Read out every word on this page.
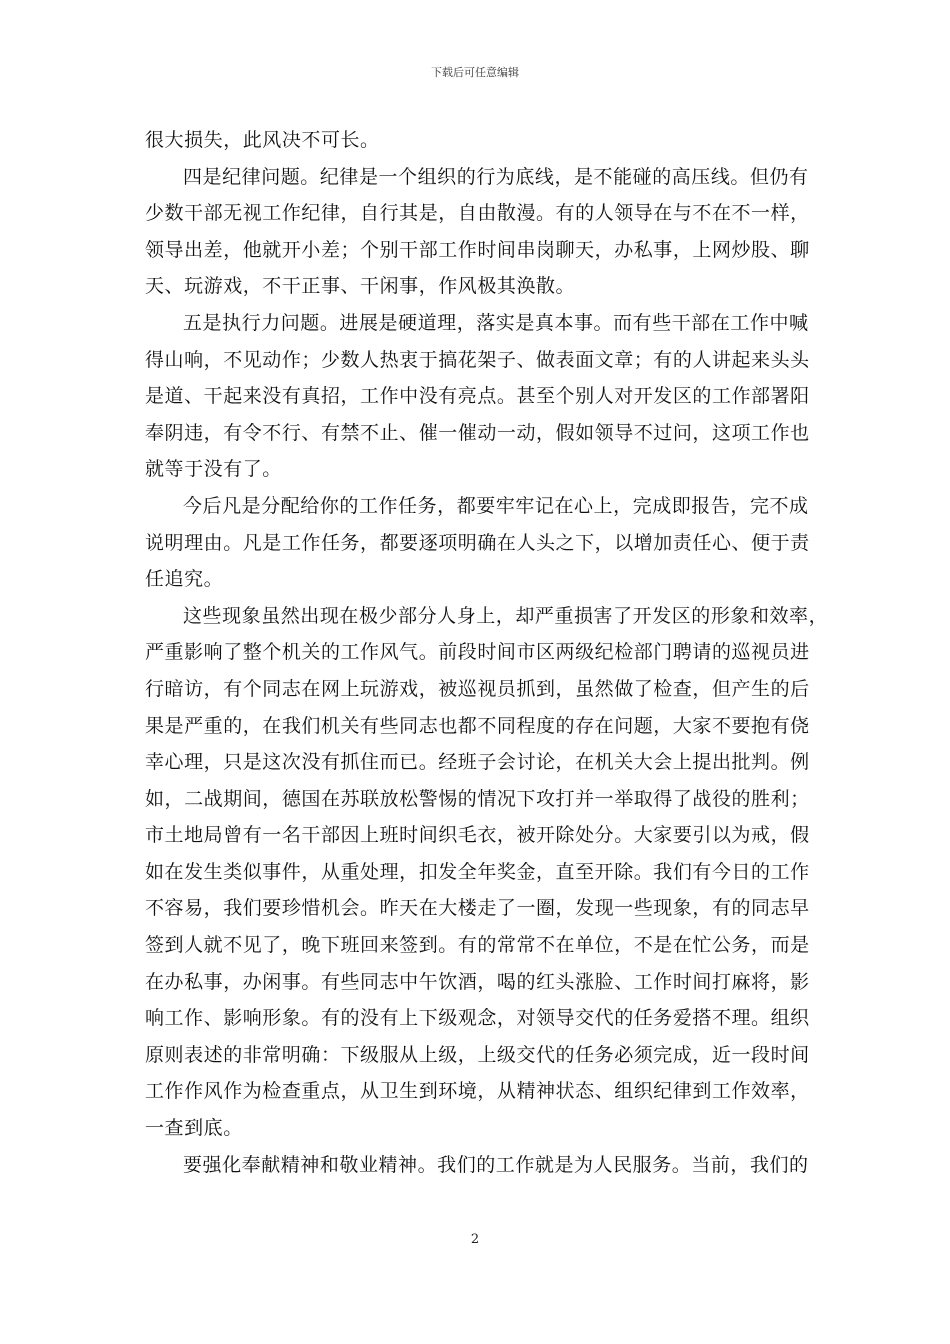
下载后可任意编辑
很大损失，此风决不可长。
四是纪律问题。纪律是一个组织的行为底线，是不能碰的高压线。但仍有
少数干部无视工作纪律，自行其是，自由散漫。有的人领导在与不在不一样，
领导出差，他就开小差；个别干部工作时间串岗聊天，办私事，上网炒股、聊
天、玩游戏，不干正事、干闲事，作风极其涣散。
五是执行力问题。进展是硬道理，落实是真本事。而有些干部在工作中喊
得山响，不见动作；少数人热衷于搞花架子、做表面文章；有的人讲起来头头
是道、干起来没有真招，工作中没有亮点。甚至个别人对开发区的工作部署阳
奉阴违，有令不行、有禁不止、催一催动一动，假如领导不过问，这项工作也
就等于没有了。
今后凡是分配给你的工作任务，都要牢牢记在心上，完成即报告，完不成
说明理由。凡是工作任务，都要逐项明确在人头之下，以增加责任心、便于责
任追究。
这些现象虽然出现在极少部分人身上，却严重损害了开发区的形象和效率，
严重影响了整个机关的工作风气。前段时间市区两级纪检部门聘请的巡视员进
行暗访，有个同志在网上玩游戏，被巡视员抓到，虽然做了检查，但产生的后
果是严重的，在我们机关有些同志也都不同程度的存在问题，大家不要抱有侥
幸心理，只是这次没有抓住而已。经班子会讨论，在机关大会上提出批判。例
如，二战期间，德国在苏联放松警惕的情况下攻打并一举取得了战役的胜利；
市土地局曾有一名干部因上班时间织毛衣，被开除处分。大家要引以为戒，假
如在发生类似事件，从重处理，扣发全年奖金，直至开除。我们有今日的工作
不容易，我们要珍惜机会。昨天在大楼走了一圈，发现一些现象，有的同志早
签到人就不见了，晚下班回来签到。有的常常不在单位，不是在忙公务，而是
在办私事，办闲事。有些同志中午饮酒，喝的红头涨脸、工作时间打麻将，影
响工作、影响形象。有的没有上下级观念，对领导交代的任务爱搭不理。组织
原则表述的非常明确：下级服从上级，上级交代的任务必须完成，近一段时间
工作作风作为检查重点，从卫生到环境，从精神状态、组织纪律到工作效率，
一查到底。
要强化奉献精神和敬业精神。我们的工作就是为人民服务。当前，我们的
2
